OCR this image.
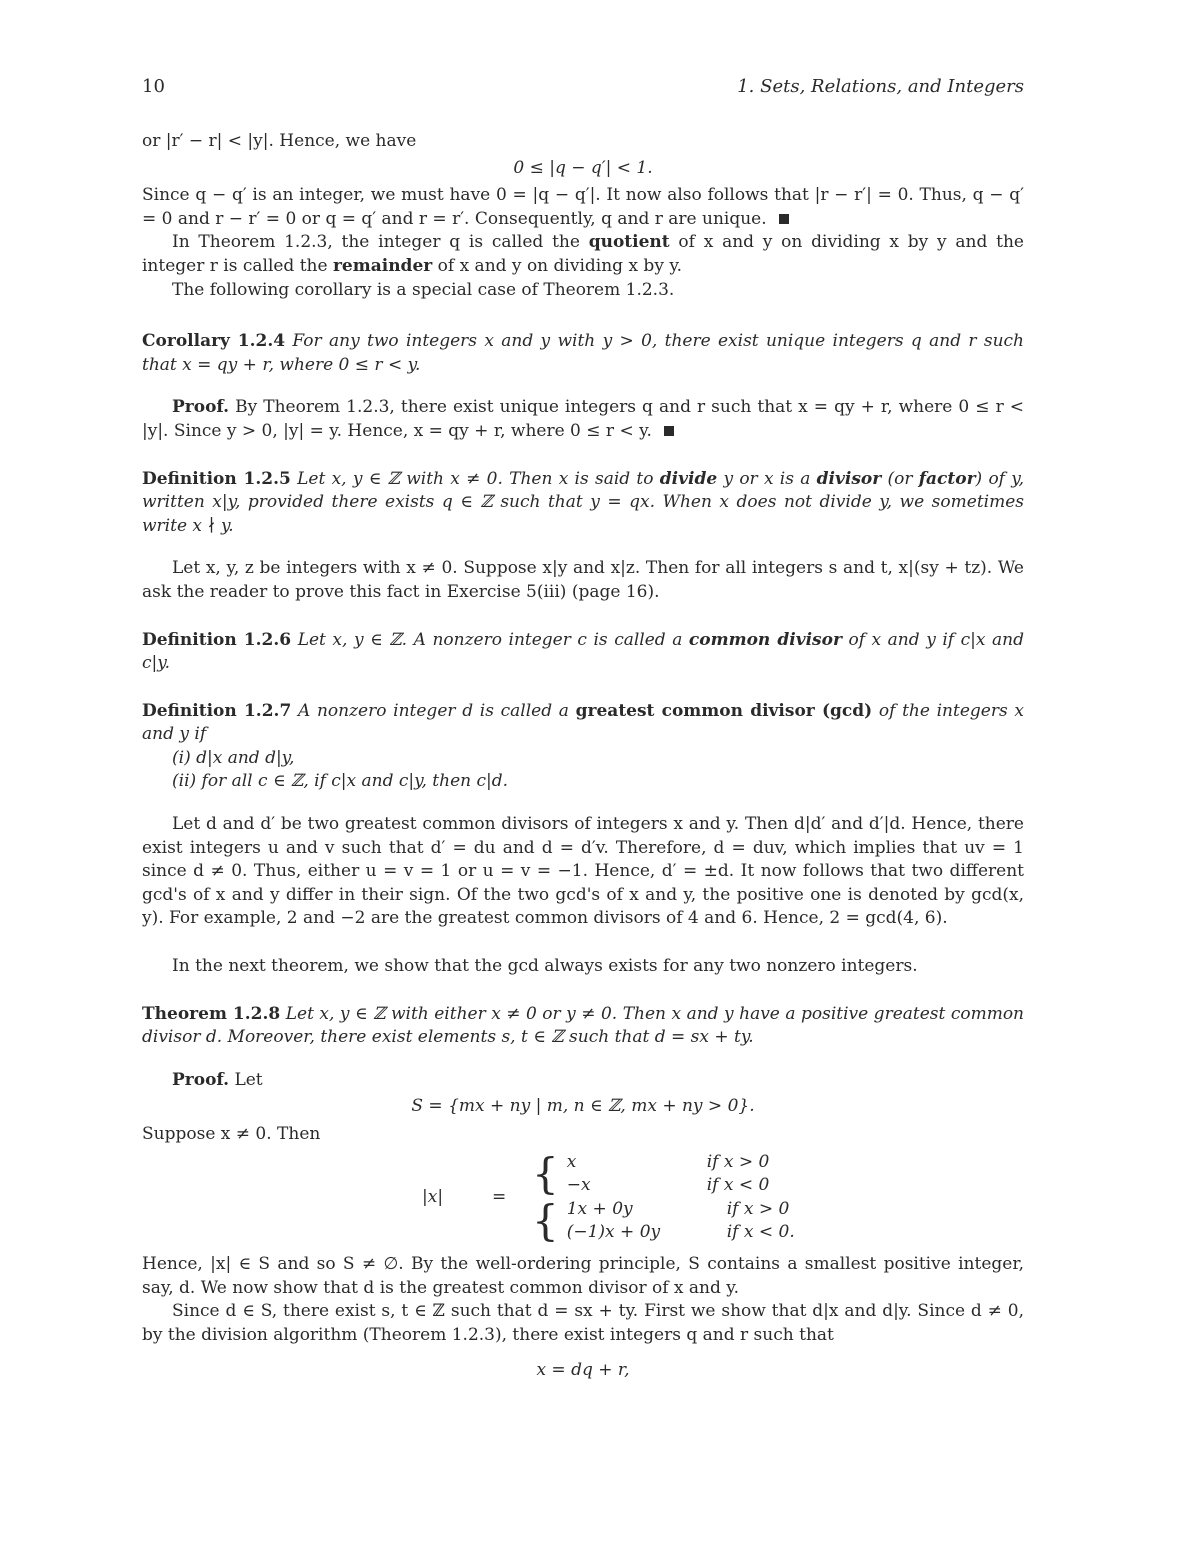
10	1. Sets, Relations, and Integers

or |r′ − r| < |y|. Hence, we have

0 ≤ |q − q′| < 1.

Since q − q′ is an integer, we must have 0 = |q − q′|. It now also follows that |r − r′| = 0. Thus, q − q′ = 0 and r − r′ = 0 or q = q′ and r = r′. Consequently, q and r are unique.

In Theorem 1.2.3, the integer q is called the quotient of x and y on dividing x by y and the integer r is called the remainder of x and y on dividing x by y.

The following corollary is a special case of Theorem 1.2.3.

Corollary 1.2.4 For any two integers x and y with y > 0, there exist unique integers q and r such that x = qy + r, where 0 ≤ r < y.

Proof. By Theorem 1.2.3, there exist unique integers q and r such that x = qy + r, where 0 ≤ r < |y|. Since y > 0, |y| = y. Hence, x = qy + r, where 0 ≤ r < y.

Definition 1.2.5 Let x, y ∈ ℤ with x ≠ 0. Then x is said to divide y or x is a divisor (or factor) of y, written x|y, provided there exists q ∈ ℤ such that y = qx. When x does not divide y, we sometimes write x ∤ y.

Let x, y, z be integers with x ≠ 0. Suppose x|y and x|z. Then for all integers s and t, x|(sy + tz). We ask the reader to prove this fact in Exercise 5(iii) (page 16).

Definition 1.2.6 Let x, y ∈ ℤ. A nonzero integer c is called a common divisor of x and y if c|x and c|y.

Definition 1.2.7 A nonzero integer d is called a greatest common divisor (gcd) of the integers x and y if

(i) d|x and d|y,

(ii) for all c ∈ ℤ, if c|x and c|y, then c|d.

Let d and d′ be two greatest common divisors of integers x and y. Then d|d′ and d′|d. Hence, there exist integers u and v such that d′ = du and d = d′v. Therefore, d = duv, which implies that uv = 1 since d ≠ 0. Thus, either u = v = 1 or u = v = −1. Hence, d′ = ±d. It now follows that two different gcd's of x and y differ in their sign. Of the two gcd's of x and y, the positive one is denoted by gcd(x, y). For example, 2 and −2 are the greatest common divisors of 4 and 6. Hence, 2 = gcd(4, 6).

In the next theorem, we show that the gcd always exists for any two nonzero integers.

Theorem 1.2.8 Let x, y ∈ ℤ with either x ≠ 0 or y ≠ 0. Then x and y have a positive greatest common divisor d. Moreover, there exist elements s, t ∈ ℤ such that d = sx + ty.

Proof. Let

S = {mx + ny | m, n ∈ ℤ, mx + ny > 0}.

Suppose x ≠ 0. Then

|x|	= { x	if x > 0
−x	if x < 0
{ 1x + 0y	if x > 0
(−1)x + 0y	if x < 0.

Hence, |x| ∈ S and so S ≠ ∅. By the well-ordering principle, S contains a smallest positive integer, say, d. We now show that d is the greatest common divisor of x and y.

Since d ∈ S, there exist s, t ∈ ℤ such that d = sx + ty. First we show that d|x and d|y. Since d ≠ 0, by the division algorithm (Theorem 1.2.3), there exist integers q and r such that

x = dq + r,
